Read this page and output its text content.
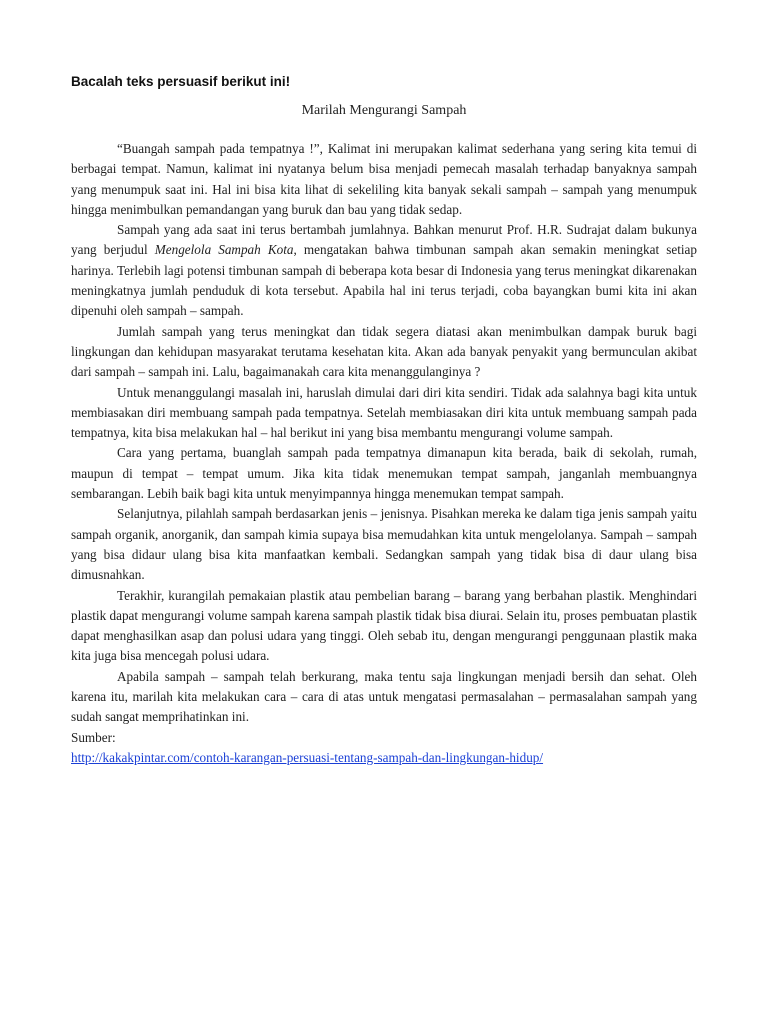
Bacalah teks persuasif berikut ini!

Marilah Mengurangi Sampah

“Buangah sampah pada tempatnya !”, Kalimat ini merupakan kalimat sederhana yang sering kita temui di berbagai tempat. Namun, kalimat ini nyatanya belum bisa menjadi pemecah masalah terhadap banyaknya sampah yang menumpuk saat ini. Hal ini bisa kita lihat di sekeliling kita banyak sekali sampah – sampah yang menumpuk hingga menimbulkan pemandangan yang buruk dan bau yang tidak sedap.

Sampah yang ada saat ini terus bertambah jumlahnya. Bahkan menurut Prof. H.R. Sudrajat dalam bukunya yang berjudul Mengelola Sampah Kota, mengatakan bahwa timbunan sampah akan semakin meningkat setiap harinya. Terlebih lagi potensi timbunan sampah di beberapa kota besar di Indonesia yang terus meningkat dikarenakan meningkatnya jumlah penduduk di kota tersebut. Apabila hal ini terus terjadi, coba bayangkan bumi kita ini akan dipenuhi oleh sampah – sampah.

Jumlah sampah yang terus meningkat dan tidak segera diatasi akan menimbulkan dampak buruk bagi lingkungan dan kehidupan masyarakat terutama kesehatan kita. Akan ada banyak penyakit yang bermunculan akibat dari sampah – sampah ini. Lalu, bagaimanakah cara kita menanggulanginya ?

Untuk menanggulangi masalah ini, haruslah dimulai dari diri kita sendiri. Tidak ada salahnya bagi kita untuk membiasakan diri membuang sampah pada tempatnya. Setelah membiasakan diri kita untuk membuang sampah pada tempatnya, kita bisa melakukan hal – hal berikut ini yang bisa membantu mengurangi volume sampah.

Cara yang pertama, buanglah sampah pada tempatnya dimanapun kita berada, baik di sekolah, rumah, maupun di tempat – tempat umum. Jika kita tidak menemukan tempat sampah, janganlah membuangnya sembarangan. Lebih baik bagi kita untuk menyimpannya hingga menemukan tempat sampah.

Selanjutnya, pilahlah sampah berdasarkan jenis – jenisnya. Pisahkan mereka ke dalam tiga jenis sampah yaitu sampah organik, anorganik, dan sampah kimia supaya bisa memudahkan kita untuk mengelolanya. Sampah – sampah yang bisa didaur ulang bisa kita manfaatkan kembali. Sedangkan sampah yang tidak bisa di daur ulang bisa dimusnahkan.

Terakhir, kurangilah pemakaian plastik atau pembelian barang – barang yang berbahan plastik. Menghindari plastik dapat mengurangi volume sampah karena sampah plastik tidak bisa diurai. Selain itu, proses pembuatan plastik dapat menghasilkan asap dan polusi udara yang tinggi. Oleh sebab itu, dengan mengurangi penggunaan plastik maka kita juga bisa mencegah polusi udara.

Apabila sampah – sampah telah berkurang, maka tentu saja lingkungan menjadi bersih dan sehat. Oleh karena itu, marilah kita melakukan cara – cara di atas untuk mengatasi permasalahan – permasalahan sampah yang sudah sangat memprihatinkan ini.

Sumber:

http://kakakpintar.com/contoh-karangan-persuasi-tentang-sampah-dan-lingkungan-hidup/
